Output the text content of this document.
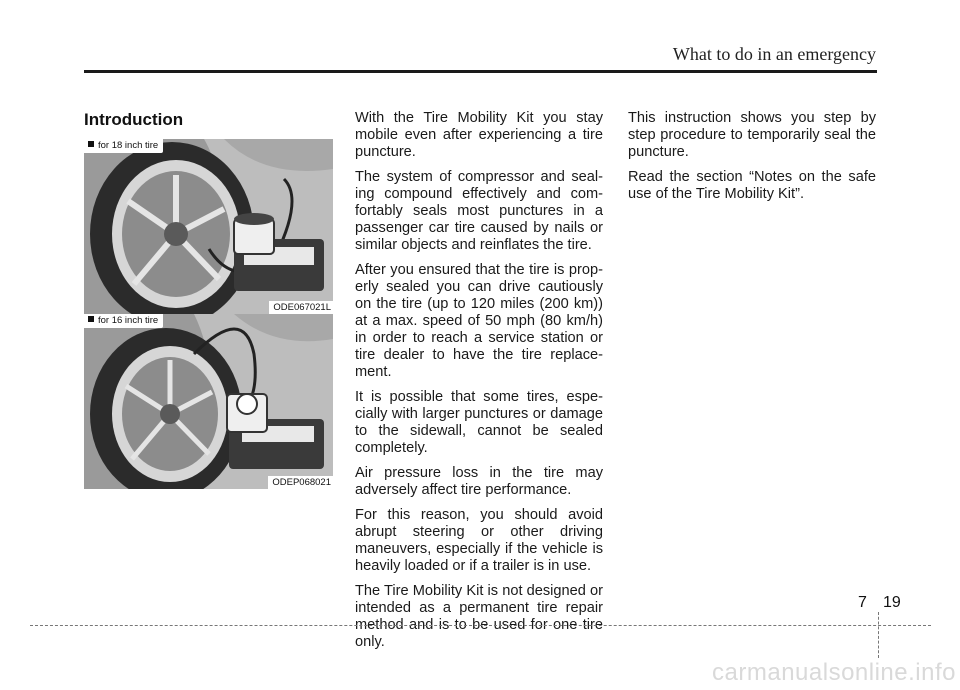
What to do in an emergency
Introduction
for 18 inch tire
ODE067021L
for 16 inch tire
ODEP068021

With the Tire Mobility Kit you stay mobile even after experiencing a tire puncture.

The system of compressor and seal-ing compound effectively and com-fortably seals most punctures in a passenger car tire caused by nails or similar objects and reinflates the tire.

After you ensured that the tire is prop-erly sealed you can drive cautiously on the tire (up to 120 miles (200 km)) at a max. speed of 50 mph (80 km/h) in order to reach a service station or tire dealer to have the tire replace-ment.

It is possible that some tires, espe-cially with larger punctures or damage to the sidewall, cannot be sealed completely.

Air pressure loss in the tire may adversely affect tire performance.

For this reason, you should avoid abrupt steering or other driving maneuvers, especially if the vehicle is heavily loaded or if a trailer is in use.

The Tire Mobility Kit is not designed or intended as a permanent tire repair method and is to be used for one tire only.

This instruction shows you step by step procedure to temporarily seal the puncture.

Read the section “Notes on the safe use of the Tire Mobility Kit”.

7 19
carmanualsonline.info
